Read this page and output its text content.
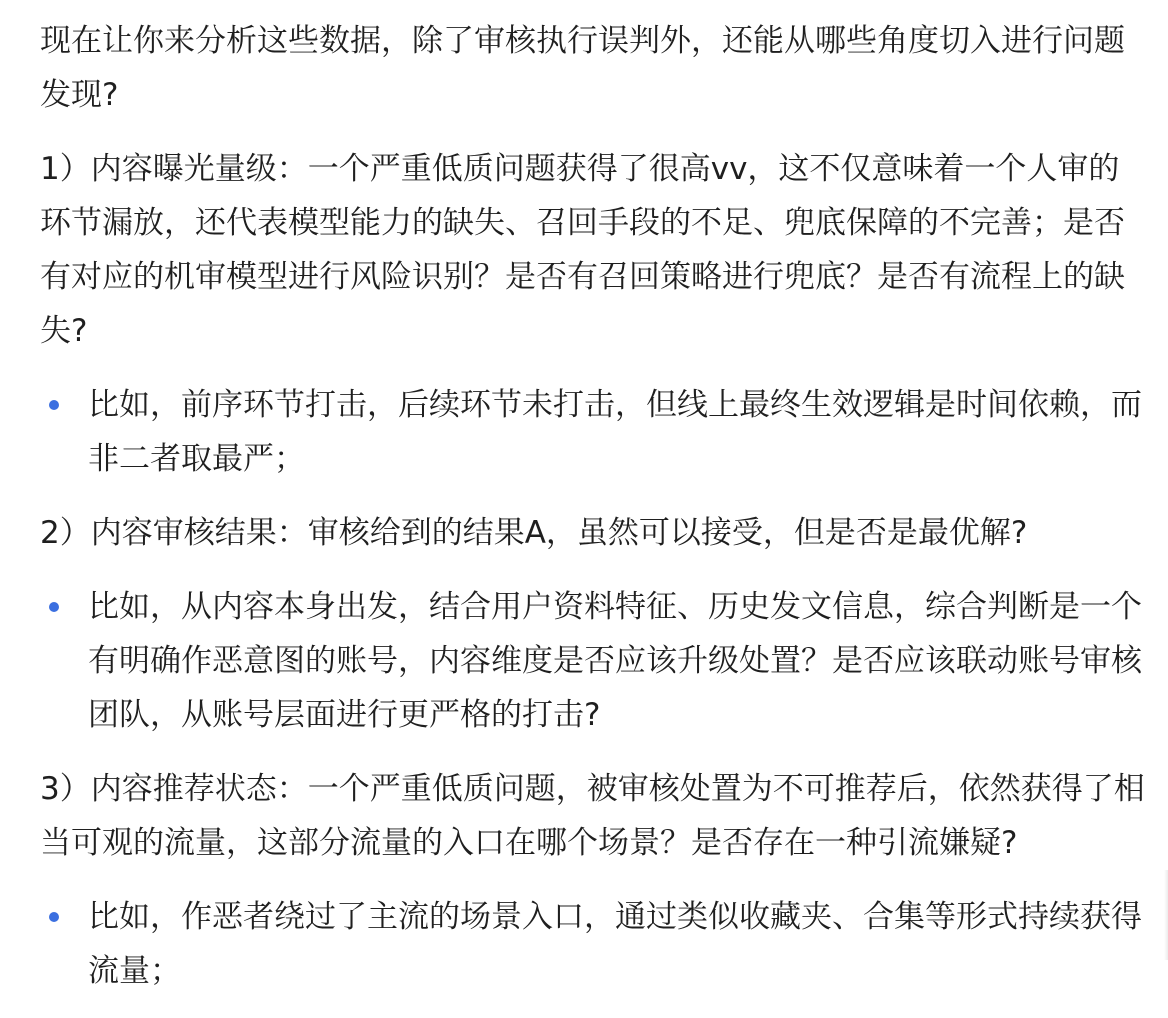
现在让你来分析这些数据，除了审核执行误判外，还能从哪些角度切入进行问题发现?

1）内容曝光量级：一个严重低质问题获得了很高vv，这不仅意味着一个人审的环节漏放，还代表模型能力的缺失、召回手段的不足、兜底保障的不完善；是否有对应的机审模型进行风险识别？是否有召回策略进行兜底？是否有流程上的缺失?

比如，前序环节打击，后续环节未打击，但线上最终生效逻辑是时间依赖，而非二者取最严；

2）内容审核结果：审核给到的结果A，虽然可以接受，但是否是最优解?

比如，从内容本身出发，结合用户资料特征、历史发文信息，综合判断是一个有明确作恶意图的账号，内容维度是否应该升级处置？是否应该联动账号审核团队，从账号层面进行更严格的打击?

3）内容推荐状态：一个严重低质问题，被审核处置为不可推荐后，依然获得了相当可观的流量，这部分流量的入口在哪个场景？是否存在一种引流嫌疑?

比如，作恶者绕过了主流的场景入口，通过类似收藏夹、合集等形式持续获得流量；
